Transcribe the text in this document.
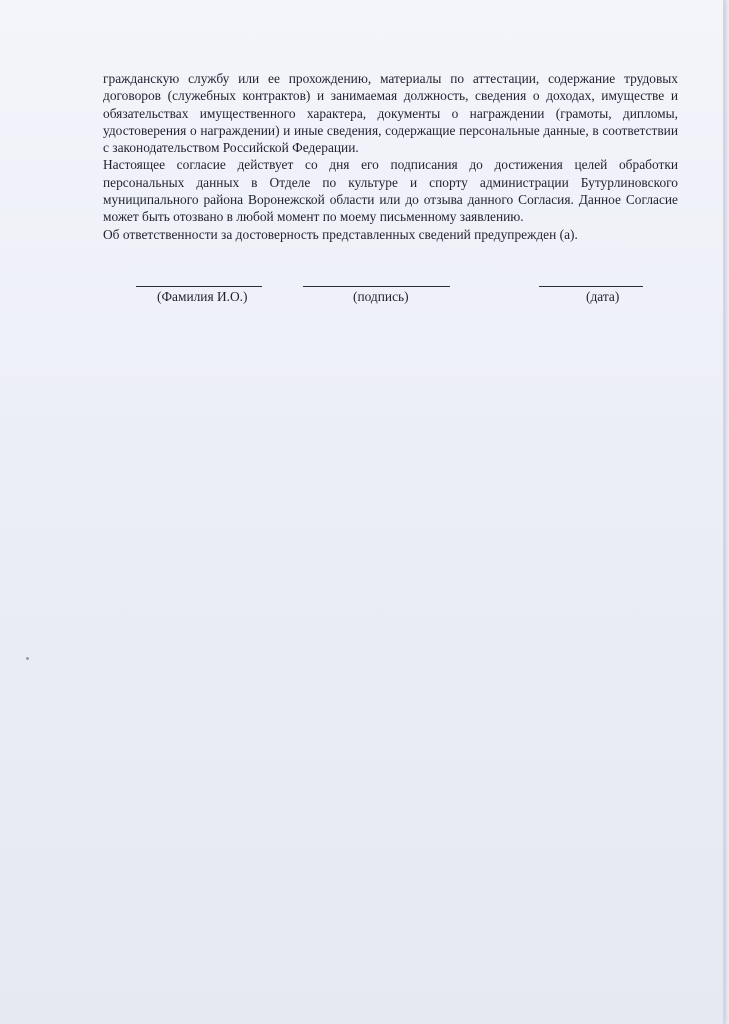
гражданскую службу или ее прохождению, материалы по аттестации, содержание трудовых договоров (служебных контрактов) и занимаемая должность, сведения о доходах, имуществе и обязательствах имущественного характера, документы о награждении (грамоты, дипломы, удостоверения о награждении) и иные сведения, содержащие персональные данные, в соответствии с законодательством Российской Федерации.

Настоящее согласие действует со дня его подписания до достижения целей обработки персональных данных в Отделе по культуре и спорту администрации Бутурлиновского муниципального района Воронежской области или до отзыва данного Согласия. Данное Согласие может быть отозвано в любой момент по моему письменному заявлению.

Об ответственности за достоверность представленных сведений предупрежден (а).

(Фамилия И.О.)	(подпись)	(дата)
